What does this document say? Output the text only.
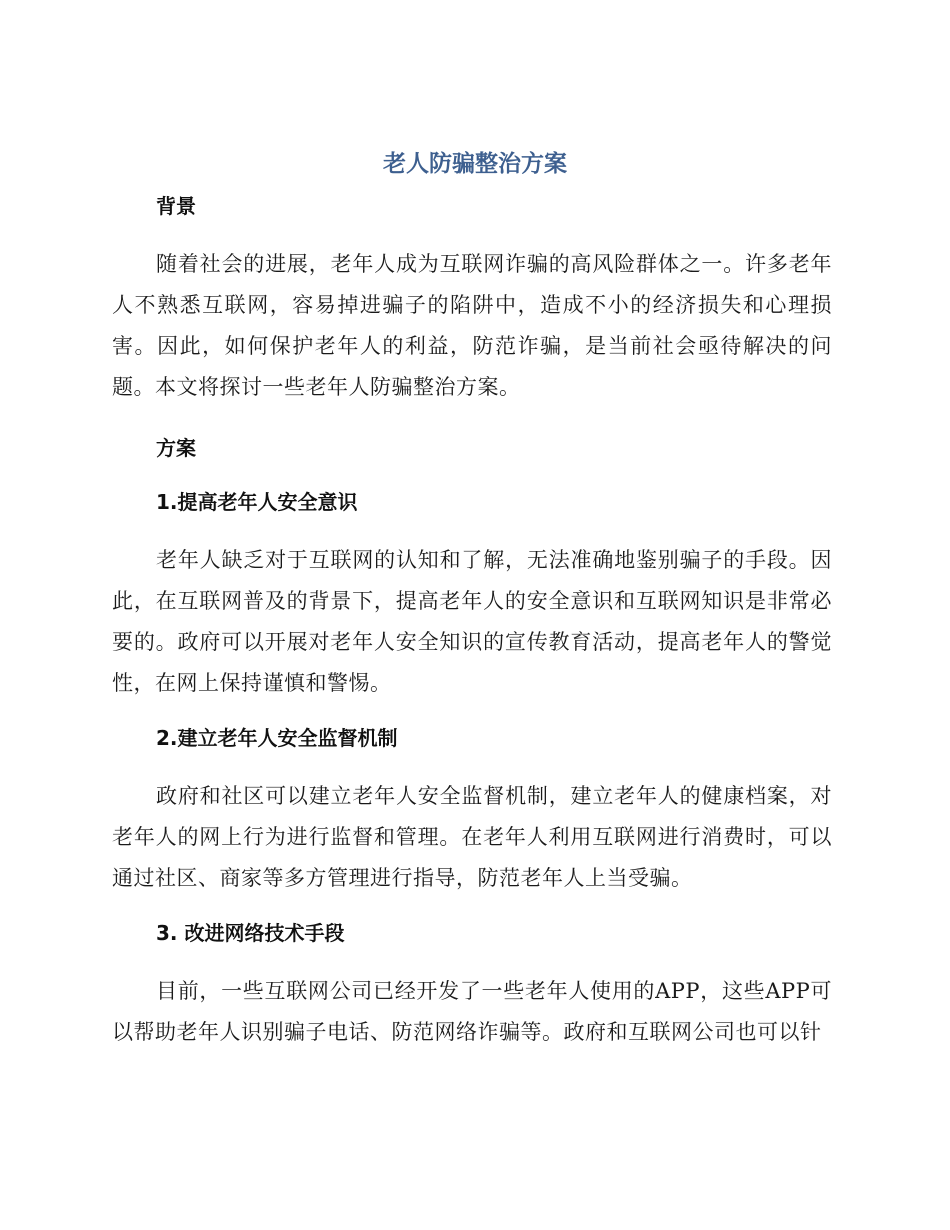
老人防骗整治方案
背景

随着社会的进展，老年人成为互联网诈骗的高风险群体之一。许多老年人不熟悉互联网，容易掉进骗子的陷阱中，造成不小的经济损失和心理损害。因此，如何保护老年人的利益，防范诈骗，是当前社会亟待解决的问题。本文将探讨一些老年人防骗整治方案。

方案
1.提高老年人安全意识

老年人缺乏对于互联网的认知和了解，无法准确地鉴别骗子的手段。因此，在互联网普及的背景下，提高老年人的安全意识和互联网知识是非常必要的。政府可以开展对老年人安全知识的宣传教育活动，提高老年人的警觉性，在网上保持谨慎和警惕。

2.建立老年人安全监督机制

政府和社区可以建立老年人安全监督机制，建立老年人的健康档案，对老年人的网上行为进行监督和管理。在老年人利用互联网进行消费时，可以通过社区、商家等多方管理进行指导，防范老年人上当受骗。

3. 改进网络技术手段

目前，一些互联网公司已经开发了一些老年人使用的APP，这些APP可以帮助老年人识别骗子电话、防范网络诈骗等。政府和互联网公司也可以针
